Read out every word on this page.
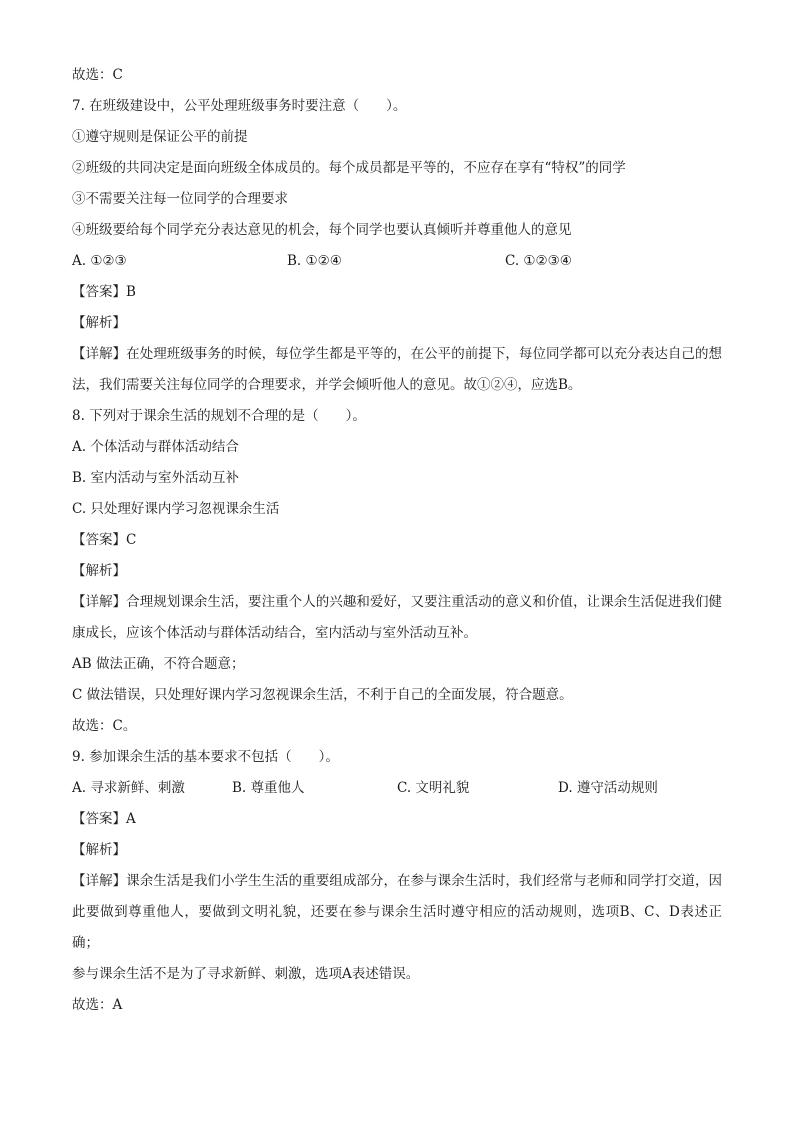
故选：C
7. 在班级建设中，公平处理班级事务时要注意（　　）。
①遵守规则是保证公平的前提
②班级的共同决定是面向班级全体成员的。每个成员都是平等的，不应存在享有“特权”的同学
③不需要关注每一位同学的合理要求
④班级要给每个同学充分表达意见的机会，每个同学也要认真倾听并尊重他人的意见
A. ①②③	B. ①②④	C. ①②③④
【答案】B
【解析】
【详解】在处理班级事务的时候，每位学生都是平等的，在公平的前提下，每位同学都可以充分表达自己的想法，我们需要关注每位同学的合理要求，并学会倾听他人的意见。故①②④，应选B。
8. 下列对于课余生活的规划不合理的是（　　）。
A. 个体活动与群体活动结合
B. 室内活动与室外活动互补
C. 只处理好课内学习忽视课余生活
【答案】C
【解析】
【详解】合理规划课余生活，要注重个人的兴趣和爱好，又要注重活动的意义和价值，让课余生活促进我们健康成长，应该个体活动与群体活动结合，室内活动与室外活动互补。
AB 做法正确，不符合题意；
C 做法错误，只处理好课内学习忽视课余生活，不利于自己的全面发展，符合题意。
故选：C。
9. 参加课余生活的基本要求不包括（　　）。
A. 寻求新鲜、刺激	B. 尊重他人	C. 文明礼貌	D. 遵守活动规则
【答案】A
【解析】
【详解】课余生活是我们小学生生活的重要组成部分，在参与课余生活时，我们经常与老师和同学打交道，因此要做到尊重他人，要做到文明礼貌，还要在参与课余生活时遵守相应的活动规则，选项B、C、D表述正确；
参与课余生活不是为了寻求新鲜、刺激，选项A表述错误。
故选：A
